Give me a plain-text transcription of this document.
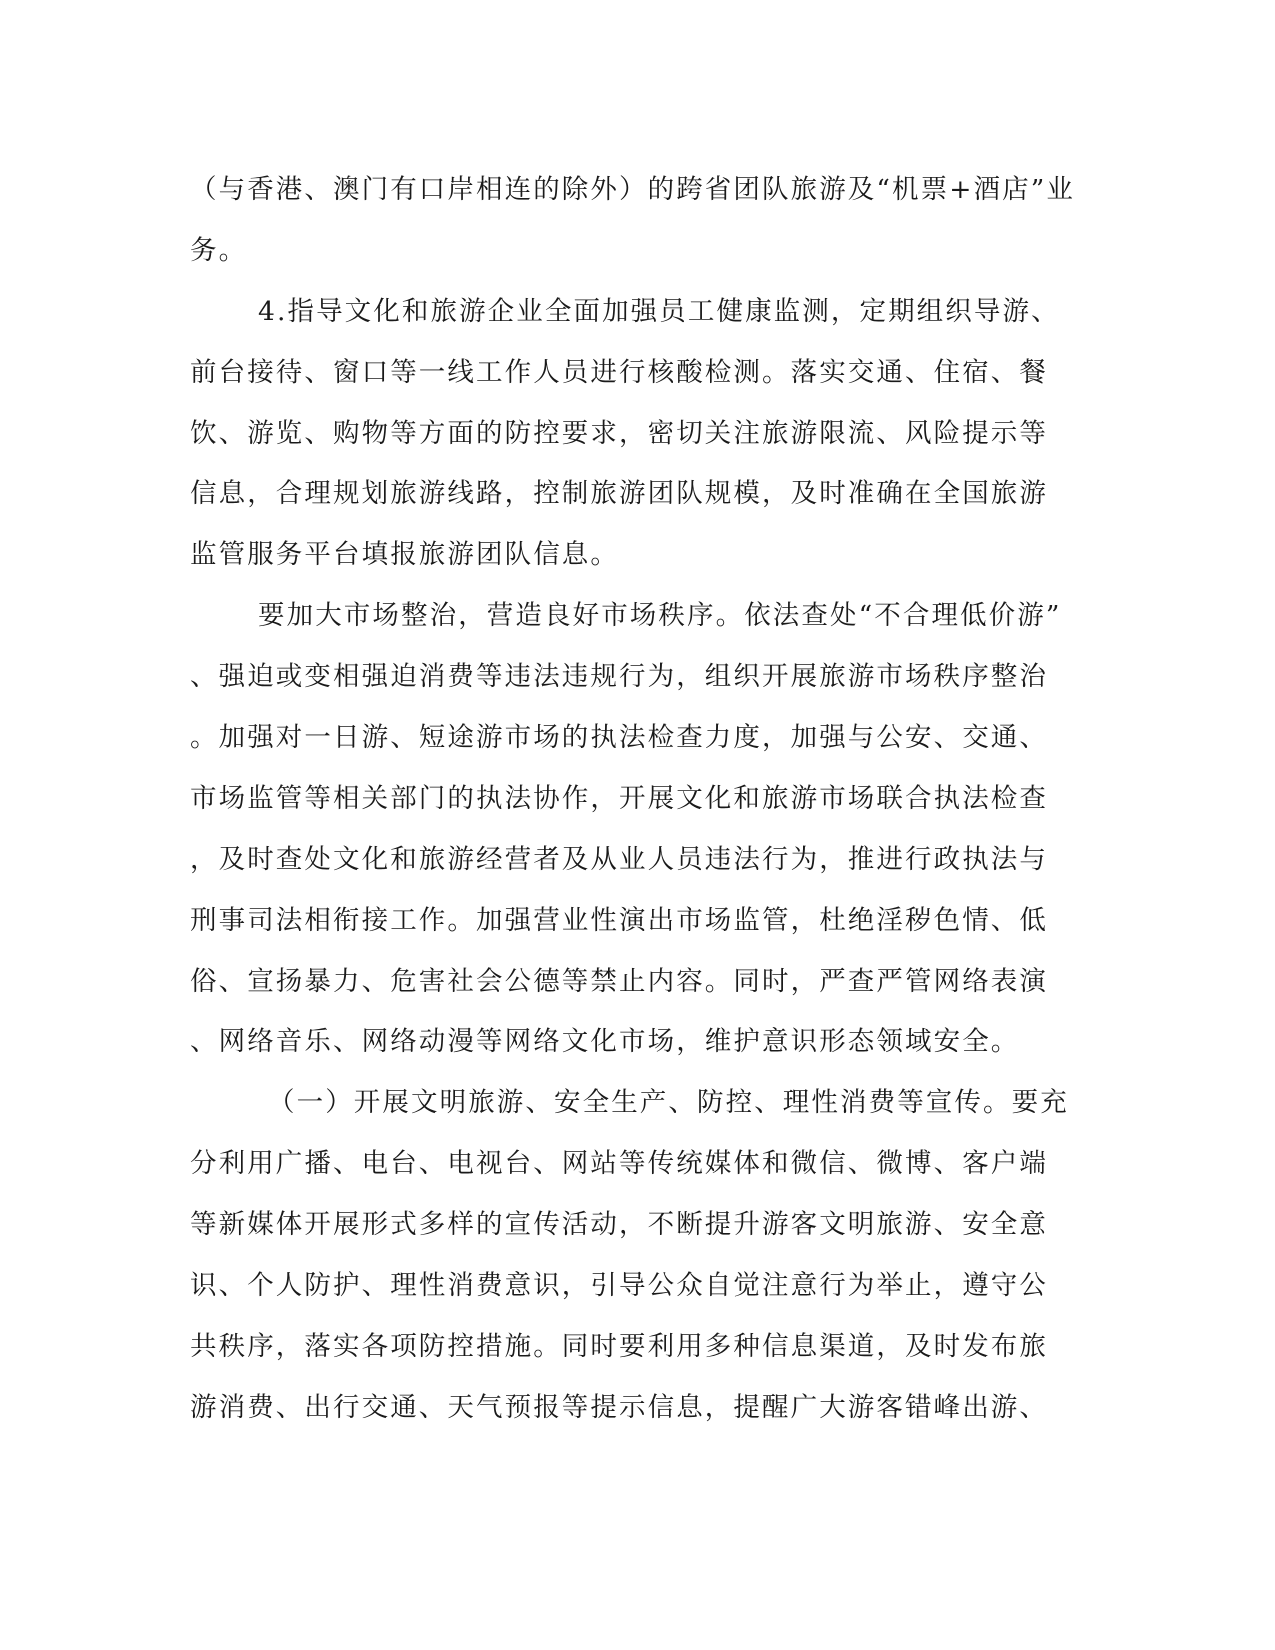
（与香港、澳门有口岸相连的除外）的跨省团队旅游及“机票+酒店”业
务。
4.指导文化和旅游企业全面加强员工健康监测，定期组织导游、
前台接待、窗口等一线工作人员进行核酸检测。落实交通、住宿、餐
饮、游览、购物等方面的防控要求，密切关注旅游限流、风险提示等
信息，合理规划旅游线路，控制旅游团队规模，及时准确在全国旅游
监管服务平台填报旅游团队信息。
要加大市场整治，营造良好市场秩序。依法查处“不合理低价游”
、强迫或变相强迫消费等违法违规行为，组织开展旅游市场秩序整治
。加强对一日游、短途游市场的执法检查力度，加强与公安、交通、
市场监管等相关部门的执法协作，开展文化和旅游市场联合执法检查
，及时查处文化和旅游经营者及从业人员违法行为，推进行政执法与
刑事司法相衔接工作。加强营业性演出市场监管，杜绝淫秽色情、低
俗、宣扬暴力、危害社会公德等禁止内容。同时，严查严管网络表演
、网络音乐、网络动漫等网络文化市场，维护意识形态领域安全。
（一）开展文明旅游、安全生产、防控、理性消费等宣传。要充
分利用广播、电台、电视台、网站等传统媒体和微信、微博、客户端
等新媒体开展形式多样的宣传活动，不断提升游客文明旅游、安全意
识、个人防护、理性消费意识，引导公众自觉注意行为举止，遵守公
共秩序，落实各项防控措施。同时要利用多种信息渠道，及时发布旅
游消费、出行交通、天气预报等提示信息，提醒广大游客错峰出游、
